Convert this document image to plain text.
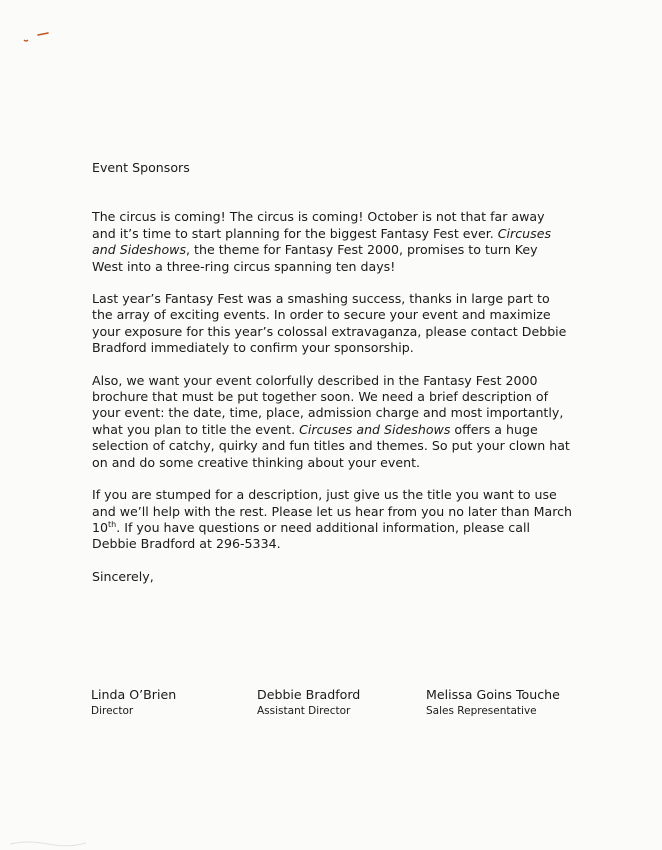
Event Sponsors

The circus is coming! The circus is coming! October is not that far away and it’s time to start planning for the biggest Fantasy Fest ever. Circuses and Sideshows, the theme for Fantasy Fest 2000, promises to turn Key West into a three-ring circus spanning ten days!

Last year’s Fantasy Fest was a smashing success, thanks in large part to the array of exciting events. In order to secure your event and maximize your exposure for this year’s colossal extravaganza, please contact Debbie Bradford immediately to confirm your sponsorship.

Also, we want your event colorfully described in the Fantasy Fest 2000 brochure that must be put together soon. We need a brief description of your event: the date, time, place, admission charge and most importantly, what you plan to title the event. Circuses and Sideshows offers a huge selection of catchy, quirky and fun titles and themes. So put your clown hat on and do some creative thinking about your event.

If you are stumped for a description, just give us the title you want to use and we’ll help with the rest. Please let us hear from you no later than March 10th. If you have questions or need additional information, please call Debbie Bradford at 296-5334.

Sincerely,

Linda O’Brien
Director
Debbie Bradford
Assistant Director
Melissa Goins Touche
Sales Representative
